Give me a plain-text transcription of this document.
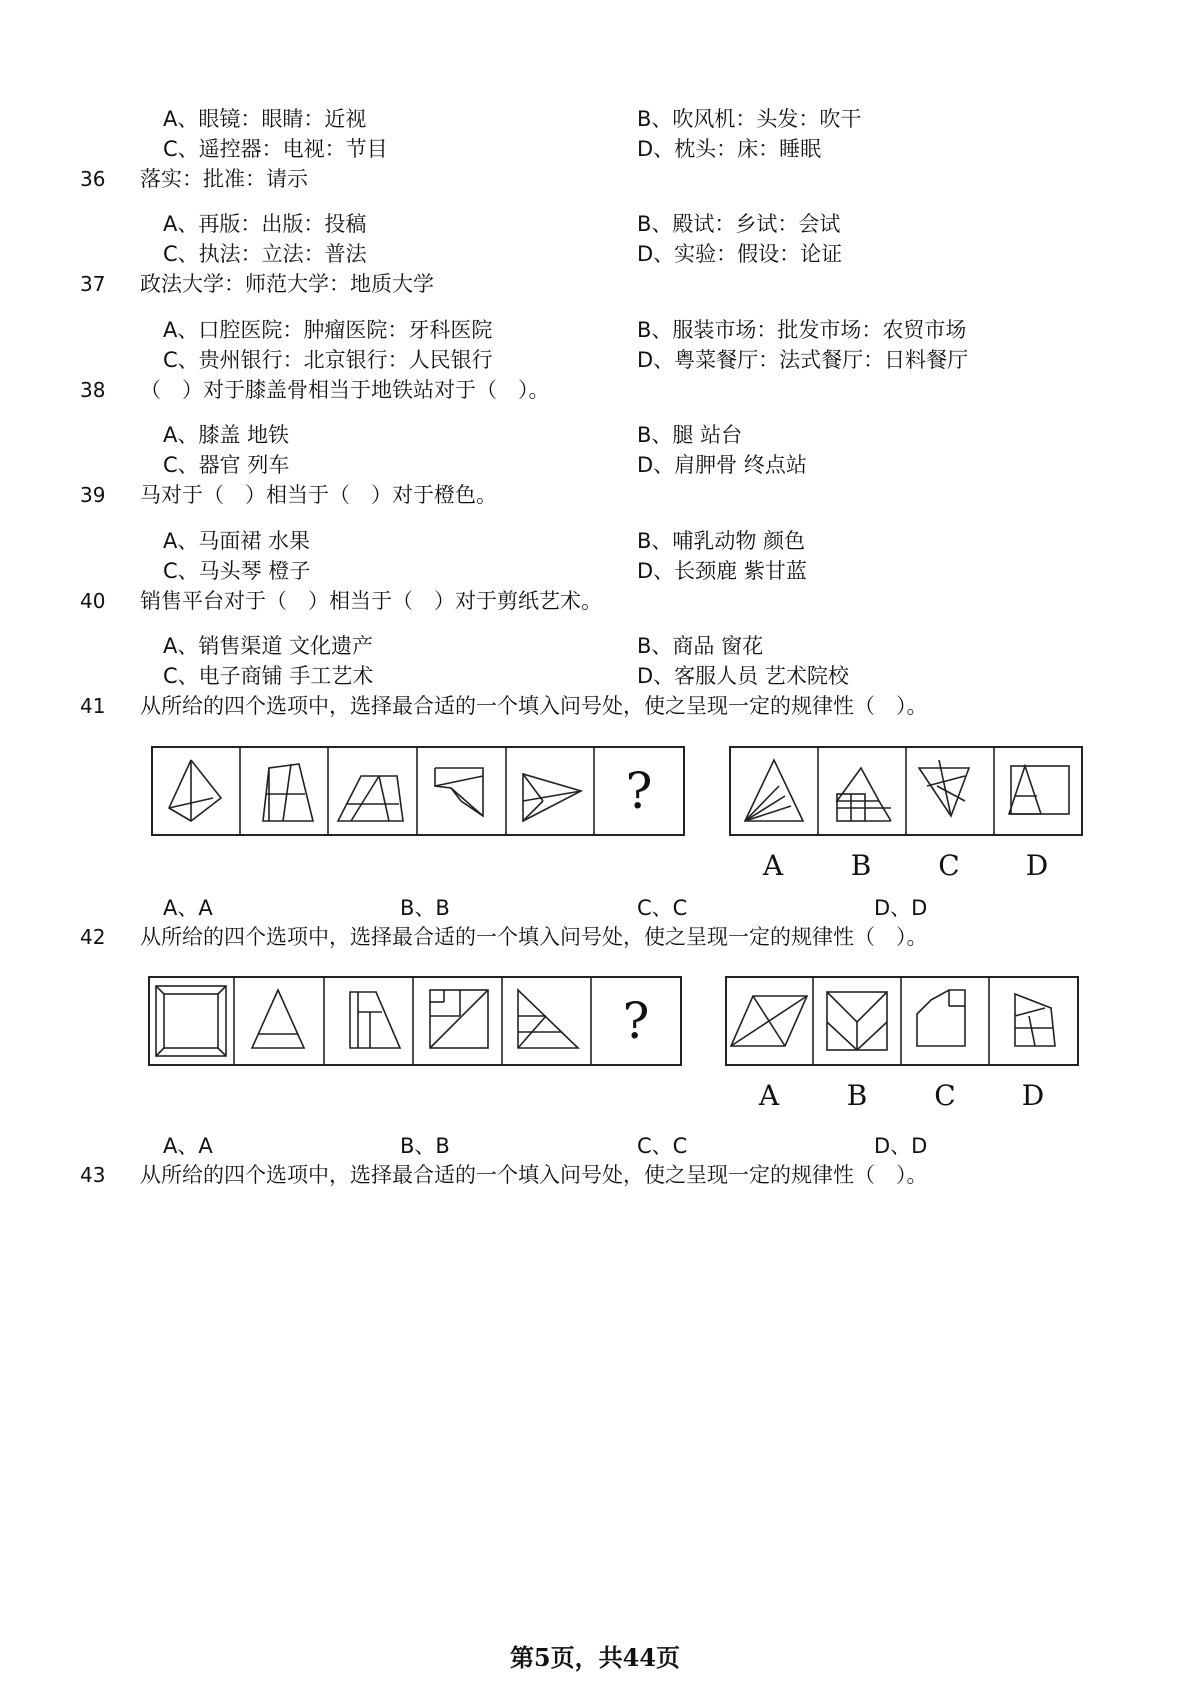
A、眼镜：眼睛：近视	B、吹风机：头发：吹干
C、遥控器：电视：节目	D、枕头：床：睡眠
36 落实：批准：请示
A、再版：出版：投稿	B、殿试：乡试：会试
C、执法：立法：普法	D、实验：假设：论证
37 政法大学：师范大学：地质大学
A、口腔医院：肿瘤医院：牙科医院	B、服装市场：批发市场：农贸市场
C、贵州银行：北京银行：人民银行	D、粤菜餐厅：法式餐厅：日料餐厅
38 （　）对于膝盖骨相当于地铁站对于（　）。
A、膝盖 地铁	B、腿 站台
C、器官 列车	D、肩胛骨 终点站
39 马对于（　）相当于（　）对于橙色。
A、马面裙 水果	B、哺乳动物 颜色
C、马头琴 橙子	D、长颈鹿 紫甘蓝
40 销售平台对于（　）相当于（　）对于剪纸艺术。
A、销售渠道 文化遗产	B、商品 窗花
C、电子商铺 手工艺术	D、客服人员 艺术院校
41 从所给的四个选项中，选择最合适的一个填入问号处，使之呈现一定的规律性（　）。
?
A	B	C	D
A、A	B、B	C、C	D、D
42 从所给的四个选项中，选择最合适的一个填入问号处，使之呈现一定的规律性（　）。
?
A	B	C	D
A、A	B、B	C、C	D、D
43 从所给的四个选项中，选择最合适的一个填入问号处，使之呈现一定的规律性（　）。
第5页，共44页
